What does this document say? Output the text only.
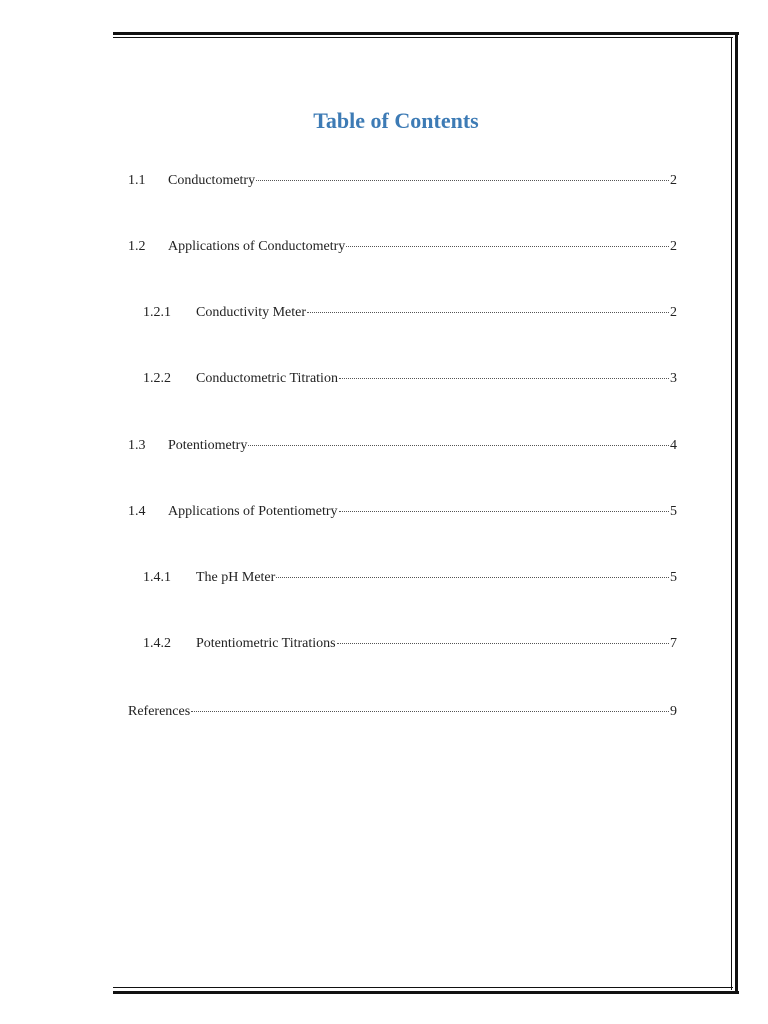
Table of Contents
1.1	Conductometry	2
1.2	Applications of Conductometry	2
1.2.1	Conductivity Meter	2
1.2.2	Conductometric Titration	3
1.3	Potentiometry	4
1.4	Applications of Potentiometry	5
1.4.1	The pH Meter	5
1.4.2	Potentiometric Titrations	7
References	9
